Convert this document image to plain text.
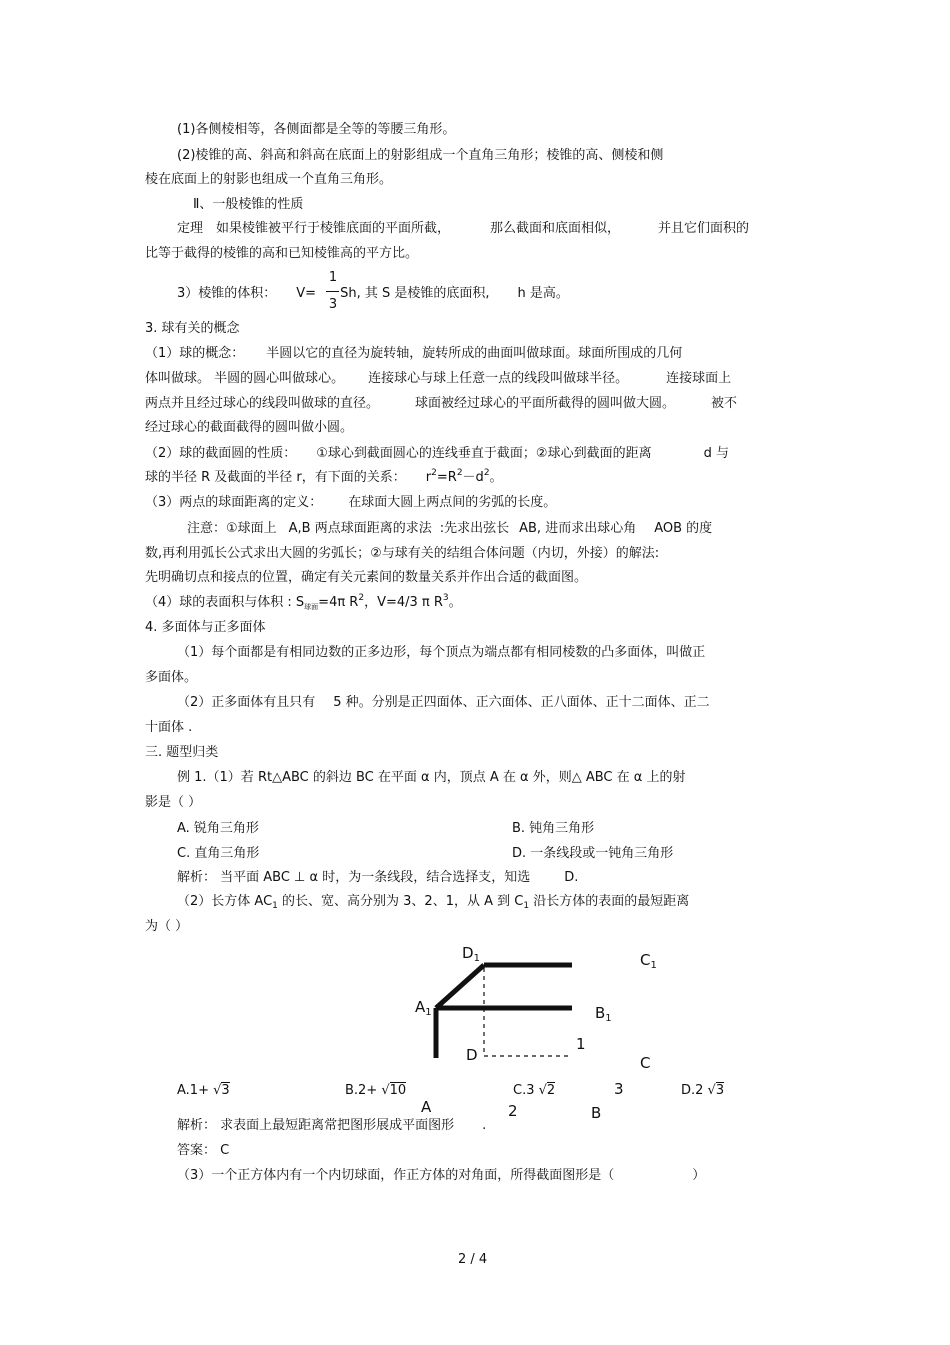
(1)各侧棱相等，各侧面都是全等的等腰三角形。
(2)棱锥的高、斜高和斜高在底面上的射影组成一个直角三角形；棱锥的高、侧棱和侧
棱在底面上的射影也组成一个直角三角形。
Ⅱ、一般棱锥的性质
定理　如果棱锥被平行于棱锥底面的平面所截，	那么截面和底面相似，	并且它们面积的
比等于截得的棱锥的高和已知棱锥高的平方比。
3）棱锥的体积： V= Sh, 其 S 是棱锥的底面积, h 是高。
1
3
3. 球有关的概念
（1）球的概念： 半圆以它的直径为旋转轴，旋转所成的曲面叫做球面。球面所围成的几何
体叫做球。 半圆的圆心叫做球心。 连接球心与球上任意一点的线段叫做球半径。	连接球面上
两点并且经过球心的线段叫做球的直径。	球面被经过球心的平面所截得的圆叫做大圆。	被不
经过球心的截面截得的圆叫做小圆。
（2）球的截面圆的性质： ①球心到截面圆心的连线垂直于截面；②球心到截面的距离	d 与
球的半径 R 及截面的半径 r，有下面的关系： $r^2=R^2-d^2$。
（3）两点的球面距离的定义： 在球面大圆上两点间的劣弧的长度。
注意：①球面上 A,B 两点球面距离的求法 :先求出弦长 AB, 进而求出球心角 AOB 的度
数,再利用弧长公式求出大圆的劣弧长；②与球有关的结组合体问题（内切，外接）的解法:
先明确切点和接点的位置，确定有关元素间的数量关系并作出合适的截面图。
（4）球的表面积与体积 : $S_{球面}=4\pi$ $R^2$，V=4/3 π $R^3$。
4. 多面体与正多面体
（1）每个面都是有相同边数的正多边形，每个顶点为端点都有相同棱数的凸多面体，叫做正
多面体。
（2）正多面体有且只有 5 种。分别是正四面体、正六面体、正八面体、正十二面体、正二
十面体 .
三. 题型归类
例 1.（1）若 Rt△ABC 的斜边 BC 在平面 α 内，顶点 A 在 α 外，则△ ABC 在 α 上的射
影是（ ）
A. 锐角三角形	B. 钝角三角形
C. 直角三角形	D. 一条线段或一钝角三角形
解析： 当平面 ABC ⊥ α 时，为一条线段，结合选择支，知选	D.
（2）长方体 $AC_1$ 的长、宽、高分别为 3、2、1，从 A 到 $C_1$ 沿长方体的表面的最短距离
为（ ）
$D_1$	$C_1$
$A_1$	$B_1$
D
1
C
3
A	2	B
A.1+ √3	B.2+ √10	C.3 √2	D.2 √3
解析： 求表面上最短距离常把图形展成平面图形 .
答案： C
（3）一个正方体内有一个内切球面，作正方体的对角面，所得截面图形是（	）
2 / 4
